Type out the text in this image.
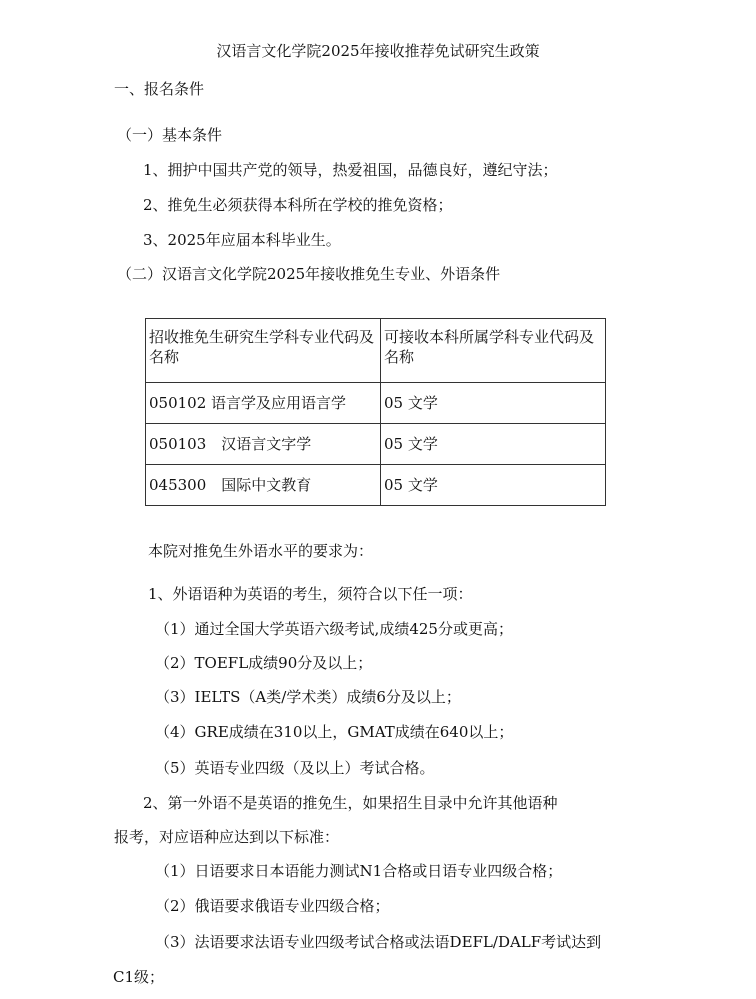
汉语言文化学院2025年接收推荐免试研究生政策
一、报名条件
（一）基本条件
1、拥护中国共产党的领导，热爱祖国，品德良好，遵纪守法；
2、推免生必须获得本科所在学校的推免资格；
3、2025年应届本科毕业生。
（二）汉语言文化学院2025年接收推免生专业、外语条件
招收推免生研究生学科专业代码及名称	可接收本科所属学科专业代码及名称
050102 语言学及应用语言学	05 文学
050103　汉语言文字学	05 文学
045300　国际中文教育	05 文学
本院对推免生外语水平的要求为：
1、外语语种为英语的考生，须符合以下任一项：
（1）通过全国大学英语六级考试,成绩425分或更高；
（2）TOEFL成绩90分及以上；
（3）IELTS（A类/学术类）成绩6分及以上；
（4）GRE成绩在310以上，GMAT成绩在640以上；
（5）英语专业四级（及以上）考试合格。
2、第一外语不是英语的推免生，如果招生目录中允许其他语种
报考，对应语种应达到以下标准：
（1）日语要求日本语能力测试N1合格或日语专业四级合格；
（2）俄语要求俄语专业四级合格；
（3）法语要求法语专业四级考试合格或法语DEFL/DALF考试达到
C1级；
